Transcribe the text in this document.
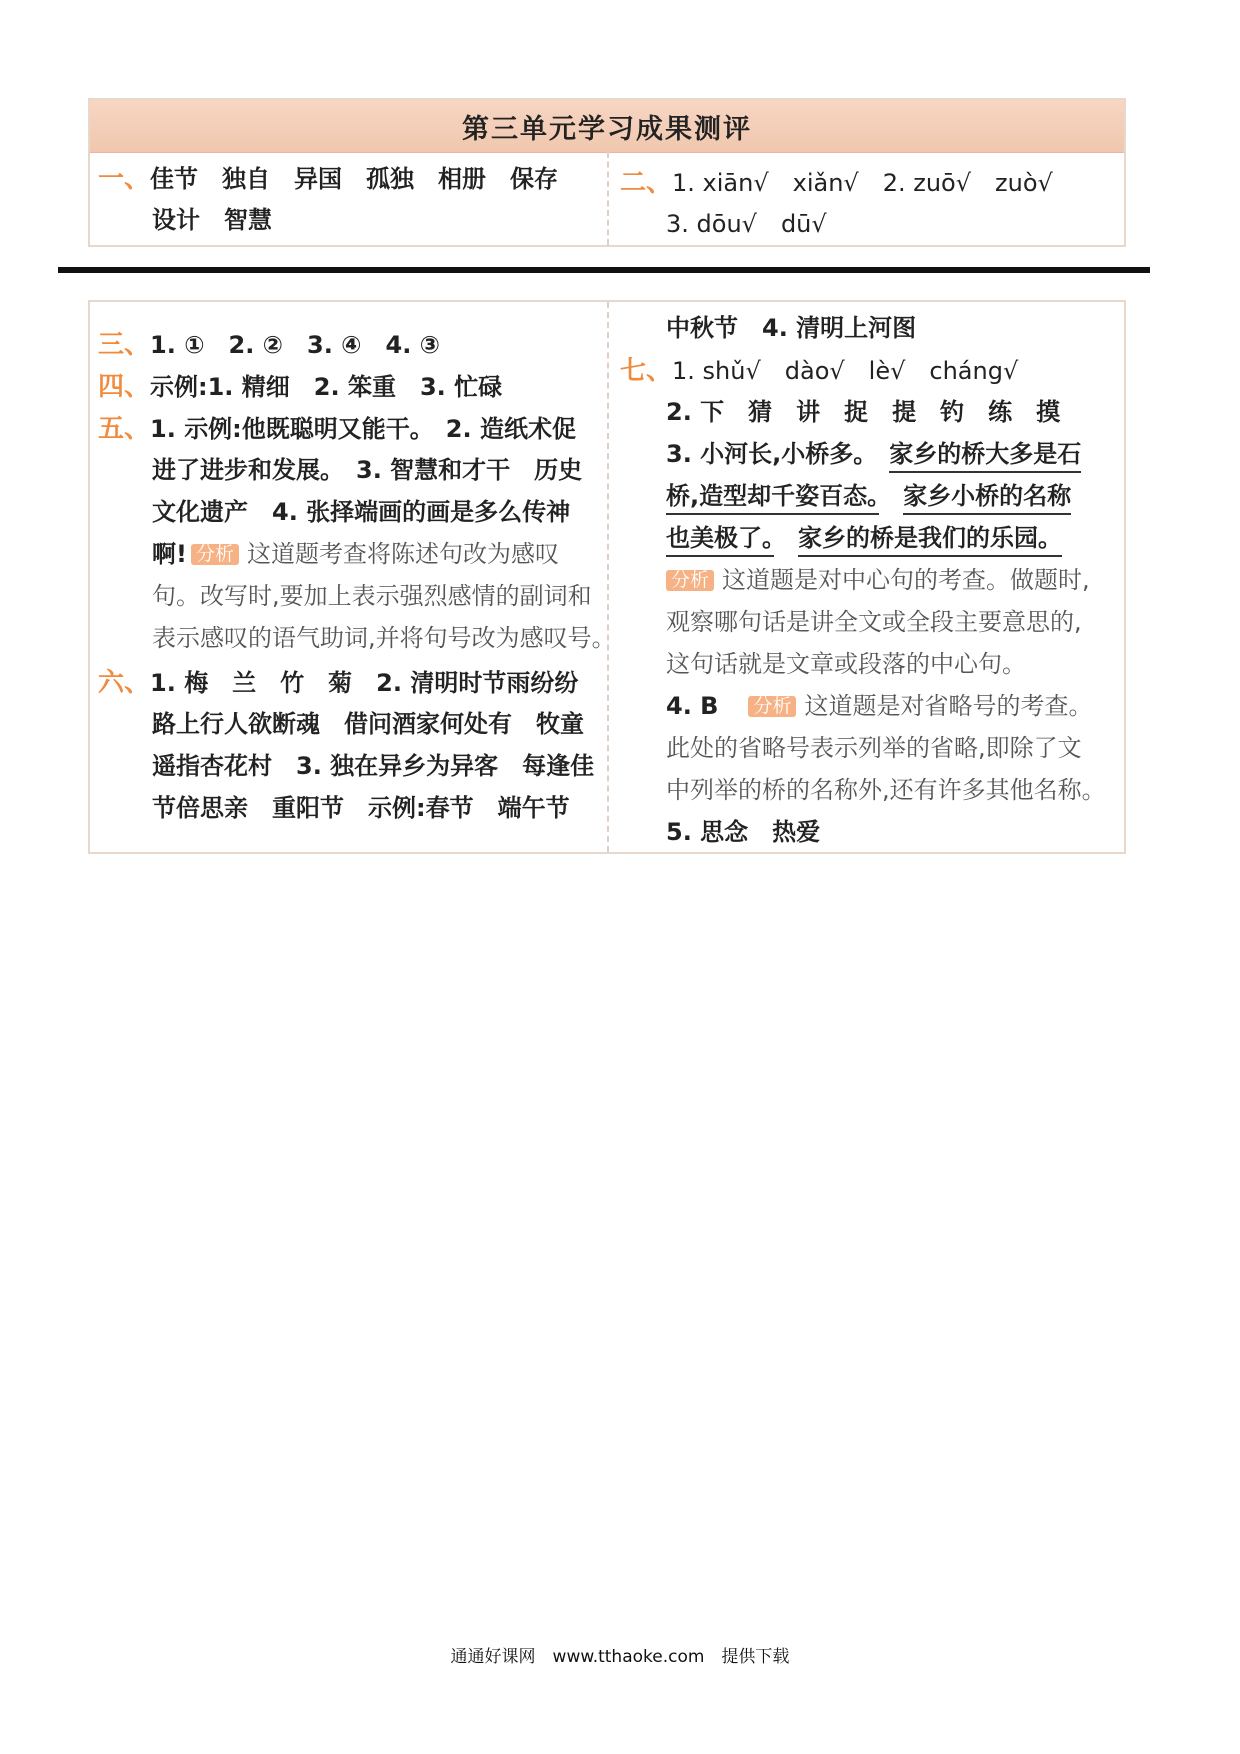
第三单元学习成果测评
一、佳节　独自　异国　孤独　相册　保存
设计　智慧
二、1. xiān√　xiǎn√　2. zuō√　zuò√
3. dōu√　dū√
三、1. ①　2. ②　3. ④　4. ③
四、示例:1. 精细　2. 笨重　3. 忙碌
五、1. 示例:他既聪明又能干。　2. 造纸术促
进了进步和发展。　3. 智慧和才干　历史
文化遗产　4. 张择端画的画是多么传神
啊! 分析 这道题考查将陈述句改为感叹
句。改写时,要加上表示强烈感情的副词和
表示感叹的语气助词,并将句号改为感叹号。
六、1. 梅　兰　竹　菊　2. 清明时节雨纷纷
路上行人欲断魂　借问酒家何处有　牧童
遥指杏花村　3. 独在异乡为异客　每逢佳
节倍思亲　重阳节　示例:春节　端午节
中秋节　4. 清明上河图
七、1. shǔ√　dào√　lè√　cháng√
2. 下　猜　讲　捉　提　钓　练　摸
3. 小河长,小桥多。　 家乡的桥大多是石
桥,造型却千姿百态。　 家乡小桥的名称
也美极了。　 家乡的桥是我们的乐园。
分析 这道题是对中心句的考查。做题时,
观察哪句话是讲全文或全段主要意思的,
这句话就是文章或段落的中心句。
4. B 分析 这道题是对省略号的考查。
此处的省略号表示列举的省略,即除了文
中列举的桥的名称外,还有许多其他名称。
5. 思念　热爱
通通好课网　www.tthaoke.com　提供下载
